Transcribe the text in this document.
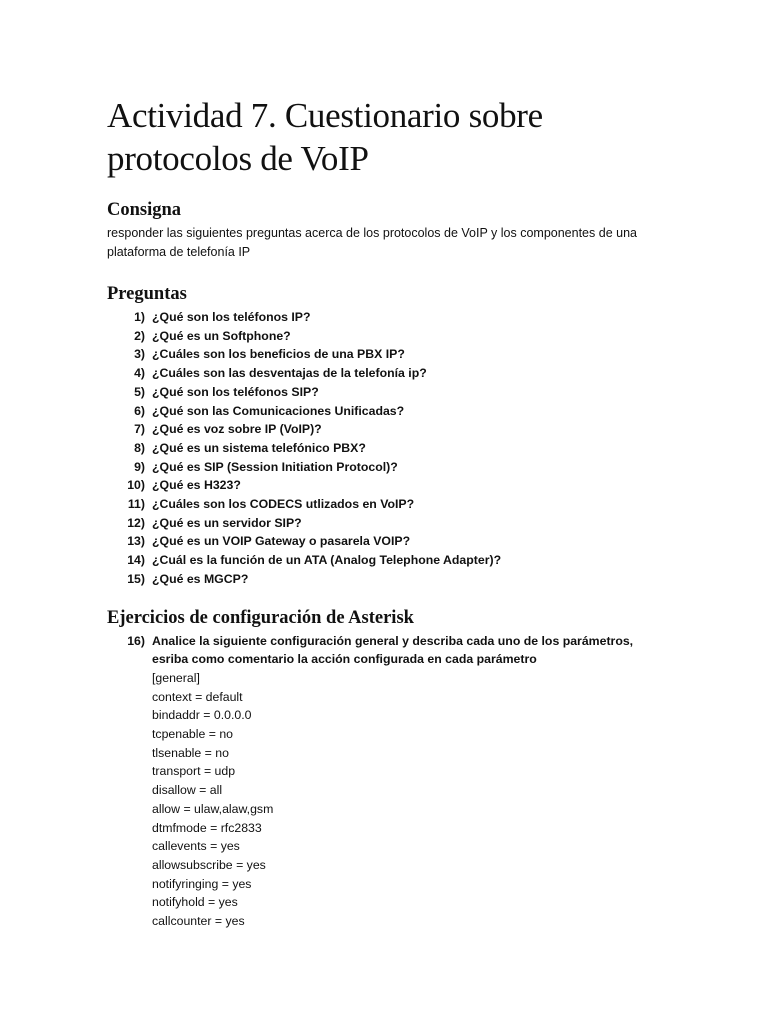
Actividad 7. Cuestionario sobre protocolos de VoIP
Consigna
responder las siguientes preguntas acerca de los protocolos de VoIP y los componentes de una plataforma de telefonía IP
Preguntas
1) ¿Qué son los teléfonos IP?
2) ¿Qué es un Softphone?
3) ¿Cuáles son los beneficios de una PBX IP?
4) ¿Cuáles son las desventajas de la telefonía ip?
5) ¿Qué son los teléfonos SIP?
6) ¿Qué son las Comunicaciones Unificadas?
7) ¿Qué es voz sobre IP (VoIP)?
8) ¿Qué es un sistema telefónico PBX?
9) ¿Qué es SIP (Session Initiation Protocol)?
10) ¿Qué es H323?
11) ¿Cuáles son los CODECS utlizados en VoIP?
12) ¿Qué es un servidor SIP?
13) ¿Qué es un VOIP Gateway o pasarela VOIP?
14) ¿Cuál es la función de un ATA (Analog Telephone Adapter)?
15) ¿Qué es MGCP?
Ejercicios de configuración de Asterisk
16) Analice la siguiente configuración general y describa cada uno de los parámetros, esriba como comentario la acción configurada en cada parámetro
[general]
context = default
bindaddr = 0.0.0.0
tcpenable = no
tlsenable = no
transport = udp
disallow = all
allow = ulaw,alaw,gsm
dtmfmode = rfc2833
callevents = yes
allowsubscribe = yes
notifyringing = yes
notifyhold = yes
callcounter = yes
